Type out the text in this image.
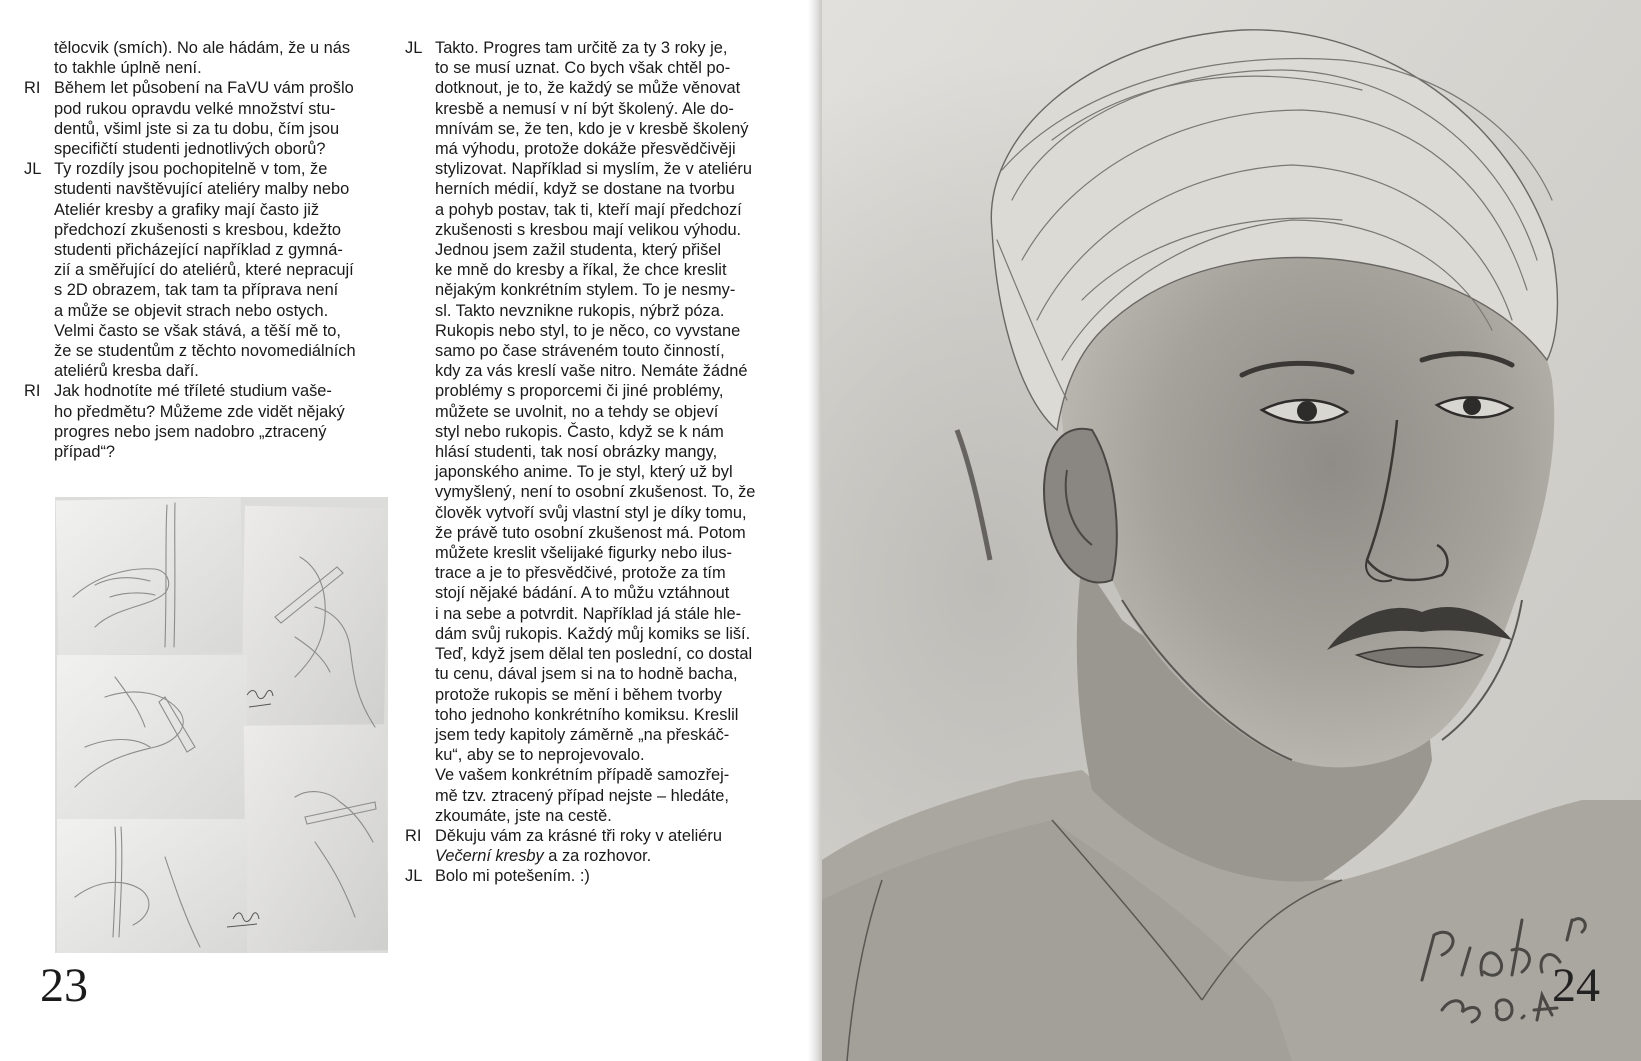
tělocvik (smích). No ale hádám, že u nás
to takhle úplně není.
RI Během let působení na FaVU vám prošlo
pod rukou opravdu velké množství stu-
dentů, všiml jste si za tu dobu, čím jsou
specifičtí studenti jednotlivých oborů?
JL Ty rozdíly jsou pochopitelně v tom, že
studenti navštěvující ateliéry malby nebo
Ateliér kresby a grafiky mají často již
předchozí zkušenosti s kresbou, kdežto
studenti přicházející například z gymná-
zií a směřující do ateliérů, které nepracují
s 2D obrazem, tak tam ta příprava není
a může se objevit strach nebo ostych.
Velmi často se však stává, a těší mě to,
že se studentům z těchto novomediálních
ateliérů kresba daří.
RI Jak hodnotíte mé tříleté studium vaše-
ho předmětu? Můžeme zde vidět nějaký
progres nebo jsem nadobro „ztracený
případ“?
JL Takto. Progres tam určitě za ty 3 roky je,
to se musí uznat. Co bych však chtěl po-
dotknout, je to, že každý se může věnovat
kresbě a nemusí v ní být školený. Ale do-
mnívám se, že ten, kdo je v kresbě školený
má výhodu, protože dokáže přesvědčivěji
stylizovat. Například si myslím, že v ateliéru
herních médií, když se dostane na tvorbu
a pohyb postav, tak ti, kteří mají předchozí
zkušenosti s kresbou mají velikou výhodu.
Jednou jsem zažil studenta, který přišel
ke mně do kresby a říkal, že chce kreslit
nějakým konkrétním stylem. To je nesmy-
sl. Takto nevznikne rukopis, nýbrž póza.
Rukopis nebo styl, to je něco, co vyvstane
samo po čase stráveném touto činností,
kdy za vás kreslí vaše nitro. Nemáte žádné
problémy s proporcemi či jiné problémy,
můžete se uvolnit, no a tehdy se objeví
styl nebo rukopis. Často, když se k nám
hlásí studenti, tak nosí obrázky mangy,
japonského anime. To je styl, který už byl
vymyšlený, není to osobní zkušenost. To, že
člověk vytvoří svůj vlastní styl je díky tomu,
že právě tuto osobní zkušenost má. Potom
můžete kreslit všelijaké figurky nebo ilus-
trace a je to přesvědčivé, protože za tím
stojí nějaké bádání. A to můžu vztáhnout
i na sebe a potvrdit. Například já stále hle-
dám svůj rukopis. Každý můj komiks se liší.
Teď, když jsem dělal ten poslední, co dostal
tu cenu, dával jsem si na to hodně bacha,
protože rukopis se mění i během tvorby
toho jednoho konkrétního komiksu. Kreslil
jsem tedy kapitoly záměrně „na přeskáč-
ku“, aby se to neprojevovalo.
Ve vašem konkrétním případě samozřej-
mě tzv. ztracený případ nejste – hledáte,
zkoumáte, jste na cestě.
RI Děkuju vám za krásné tři roky v ateliéru
Večerní kresby a za rozhovor.
JL Bolo mi potešením. :)
23	24
